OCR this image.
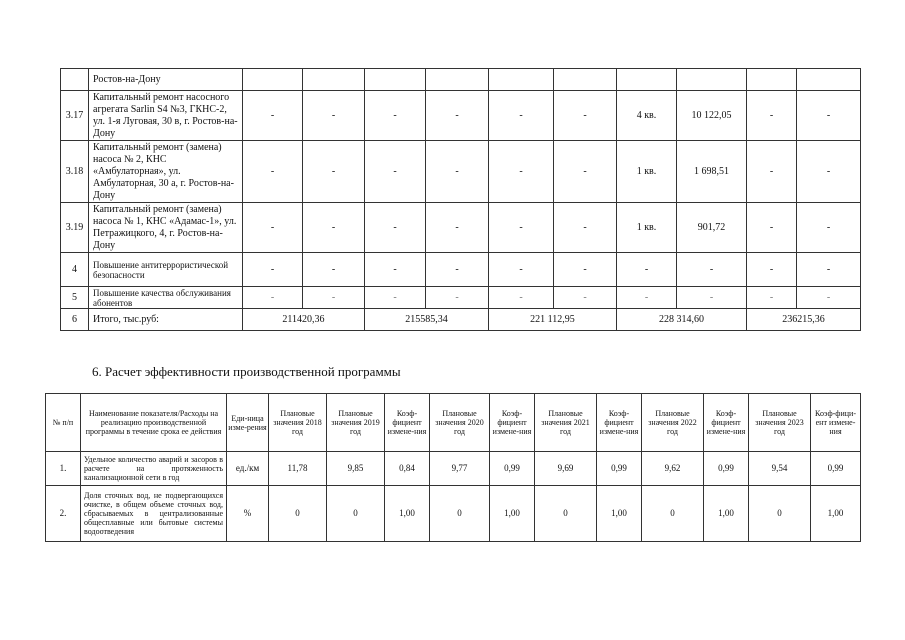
	Ростов-на-Дону										
3.17	Капитальный ремонт насосного агрегата Sarlin S4 №3, ГКНС-2, ул. 1-я Луговая, 30 в, г. Ростов-на-Дону	-	-	-	-	-	-	4 кв.	10 122,05	-	-
3.18	Капитальный ремонт (замена) насоса № 2, КНС «Амбулаторная», ул. Амбулаторная, 30 а, г. Ростов-на-Дону	-	-	-	-	-	-	1 кв.	1 698,51	-	-
3.19	Капитальный ремонт (замена) насоса № 1, КНС «Адамас-1», ул. Петражицкого, 4, г. Ростов-на-Дону	-	-	-	-	-	-	1 кв.	901,72	-	-
4	Повышение антитеррористической безопасности	-	-	-	-	-	-	-	-	-	-
5	Повышение качества обслуживания абонентов	-	-	-	-	-	-	-	-	-	-
6	Итого, тыс.руб:	211420,36		215585,34		221 112,95		228 314,60		236215,36	
6. Расчет эффективности производственной программы
№ п/п	Наименование показателя/Расходы на реализацию производственной программы в течение срока ее действия	Еди-ница изме-рения	Плановые значения 2018 год	Плановые значения 2019 год	Коэф-фициент измене-ния	Плановые значения 2020 год	Коэф-фициент измене-ния	Плановые значения 2021 год	Коэф-фициент измене-ния	Плановые значения 2022 год	Коэф-фициент измене-ния	Плановые значения 2023 год	Коэф-фици-ент измене-ния
1.	Удельное количество аварий и засоров в расчете на протяженность канализационной сети в год	ед./км	11,78	9,85	0,84	9,77	0,99	9,69	0,99	9,62	0,99	9,54	0,99
2.	Доля сточных вод, не подвергающихся очистке, в общем объеме сточных вод, сбрасываемых в централизованные общесплавные или бытовые системы водоотведения	%	0	0	1,00	0	1,00	0	1,00	0	1,00	0	1,00
